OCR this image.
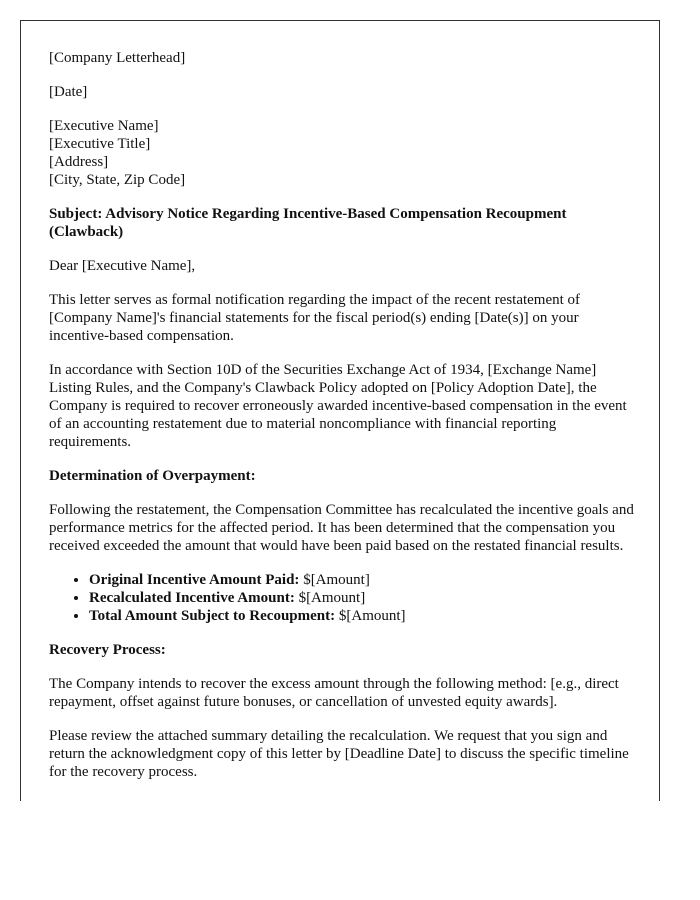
[Company Letterhead]

[Date]

[Executive Name]
[Executive Title]
[Address]
[City, State, Zip Code]

Subject: Advisory Notice Regarding Incentive-Based Compensation Recoupment (Clawback)

Dear [Executive Name],

This letter serves as formal notification regarding the impact of the recent restatement of [Company Name]'s financial statements for the fiscal period(s) ending [Date(s)] on your incentive-based compensation.

In accordance with Section 10D of the Securities Exchange Act of 1934, [Exchange Name] Listing Rules, and the Company's Clawback Policy adopted on [Policy Adoption Date], the Company is required to recover erroneously awarded incentive-based compensation in the event of an accounting restatement due to material noncompliance with financial reporting requirements.

Determination of Overpayment:

Following the restatement, the Compensation Committee has recalculated the incentive goals and performance metrics for the affected period. It has been determined that the compensation you received exceeded the amount that would have been paid based on the restated financial results.

• Original Incentive Amount Paid: $[Amount]
• Recalculated Incentive Amount: $[Amount]
• Total Amount Subject to Recoupment: $[Amount]

Recovery Process:

The Company intends to recover the excess amount through the following method: [e.g., direct repayment, offset against future bonuses, or cancellation of unvested equity awards].

Please review the attached summary detailing the recalculation. We request that you sign and return the acknowledgment copy of this letter by [Deadline Date] to discuss the specific timeline for the recovery process.
